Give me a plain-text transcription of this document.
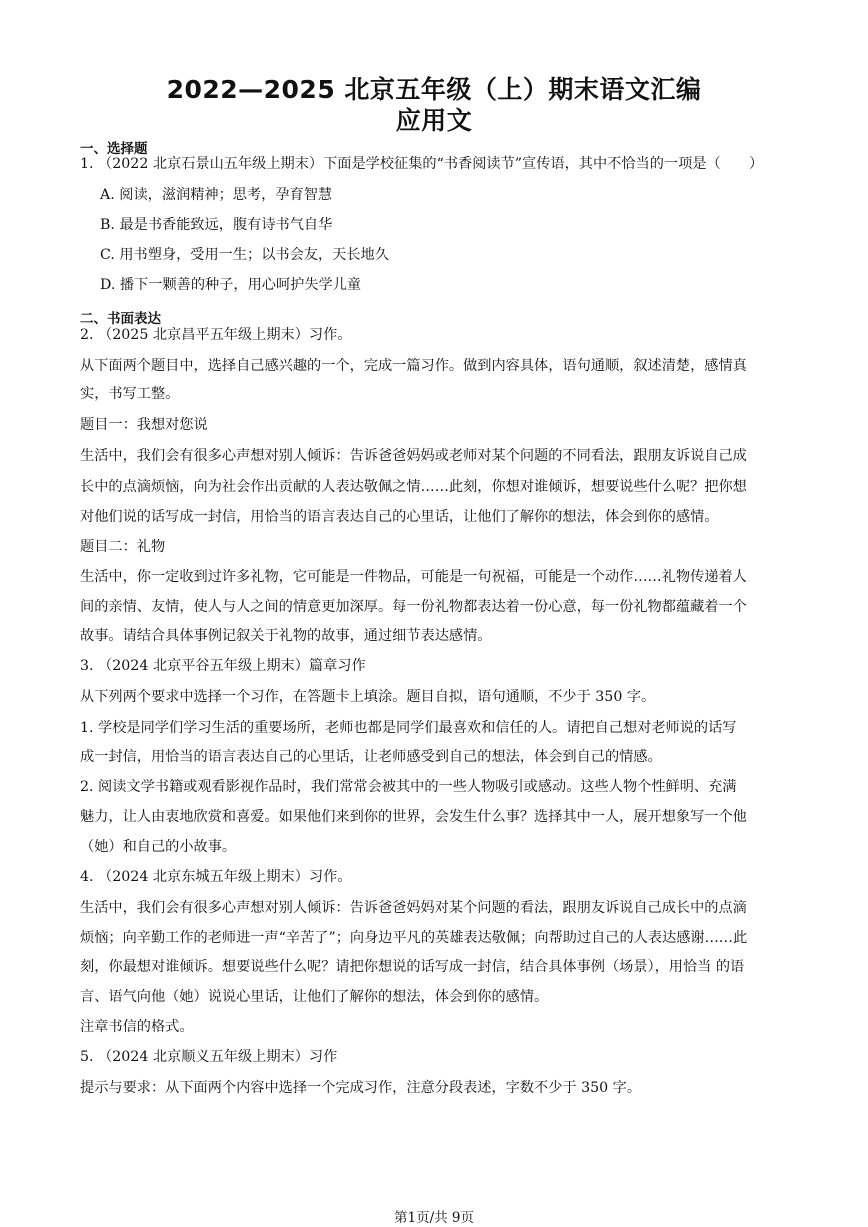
2022—2025 北京五年级（上）期末语文汇编
应用文
一、选择题
1. （2022 北京石景山五年级上期末）下面是学校征集的“书香阅读节”宣传语，其中不恰当的一项是（　　）
A. 阅读，滋润精神；思考，孕育智慧
B. 最是书香能致远，腹有诗书气自华
C. 用书塑身，受用一生；以书会友，天长地久
D. 播下一颗善的种子，用心呵护失学儿童
二、书面表达
2. （2025 北京昌平五年级上期末）习作。
从下面两个题目中，选择自己感兴趣的一个，完成一篇习作。做到内容具体，语句通顺，叙述清楚，感情真
实，书写工整。
题目一：我想对您说
生活中，我们会有很多心声想对别人倾诉：告诉爸爸妈妈或老师对某个问题的不同看法，跟朋友诉说自己成
长中的点滴烦恼，向为社会作出贡献的人表达敬佩之情……此刻，你想对谁倾诉，想要说些什么呢？把你想
对他们说的话写成一封信，用恰当的语言表达自己的心里话，让他们了解你的想法，体会到你的感情。
题目二：礼物
生活中，你一定收到过许多礼物，它可能是一件物品，可能是一句祝福，可能是一个动作……礼物传递着人
间的亲情、友情，使人与人之间的情意更加深厚。每一份礼物都表达着一份心意，每一份礼物都蕴藏着一个
故事。请结合具体事例记叙关于礼物的故事，通过细节表达感情。
3. （2024 北京平谷五年级上期末）篇章习作
从下列两个要求中选择一个习作，在答题卡上填涂。题目自拟，语句通顺，不少于 350 字。
1. 学校是同学们学习生活的重要场所，老师也都是同学们最喜欢和信任的人。请把自己想对老师说的话写
成一封信，用恰当的语言表达自己的心里话，让老师感受到自己的想法，体会到自己的情感。
2. 阅读文学书籍或观看影视作品时，我们常常会被其中的一些人物吸引或感动。这些人物个性鲜明、充满
魅力，让人由衷地欣赏和喜爱。如果他们来到你的世界，会发生什么事？选择其中一人，展开想象写一个他
（她）和自己的小故事。
4. （2024 北京东城五年级上期末）习作。
生活中，我们会有很多心声想对别人倾诉：告诉爸爸妈妈对某个问题的看法，跟朋友诉说自己成长中的点滴
烦恼；向辛勤工作的老师进一声“辛苦了”；向身边平凡的英雄表达敬佩；向帮助过自己的人表达感谢……此
刻，你最想对谁倾诉。想要说些什么呢？请把你想说的话写成一封信，结合具体事例（场景），用恰当 的语
言、语气向他（她）说说心里话，让他们了解你的想法，体会到你的感情。
注章书信的格式。
5. （2024 北京顺义五年级上期末）习作
提示与要求：从下面两个内容中选择一个完成习作，注意分段表述，字数不少于 350 字。
第1页/共 9页
